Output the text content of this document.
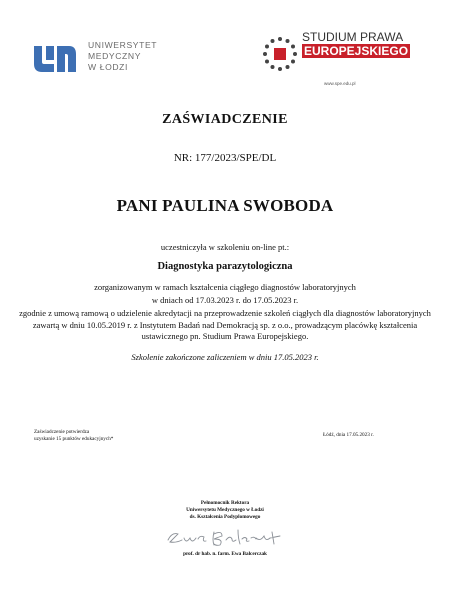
UNIWERSYTET
MEDYCZNY
W ŁODZI
STUDIUM PRAWA
EUROPEJSKIEGO
www.spe.edu.pl
ZAŚWIADCZENIE
NR: 177/2023/SPE/DL
PANI PAULINA SWOBODA
uczestniczyła w szkoleniu on-line pt.:
Diagnostyka parazytologiczna
zorganizowanym w ramach kształcenia ciągłego diagnostów laboratoryjnych
w dniach od 17.03.2023 r. do 17.05.2023 r.
zgodnie z umową ramową o udzielenie akredytacji na przeprowadzenie szkoleń ciągłych dla diagnostów laboratoryjnych
zawartą w dniu 10.05.2019 r. z Instytutem Badań nad Demokracją sp. z o.o., prowadzącym placówkę kształcenia
ustawicznego pn. Studium Prawa Europejskiego.
Szkolenie zakończone zaliczeniem w dniu 17.05.2023 r.
Zaświadczenie potwierdza
uzyskanie 15 punktów edukacyjnych*
Łódź, dnia 17.05.2023 r.
Pełnomocnik Rektora
Uniwersytetu Medycznego w Łodzi
ds. Kształcenia Podyplomowego
prof. dr hab. n. farm. Ewa Balcerczak
